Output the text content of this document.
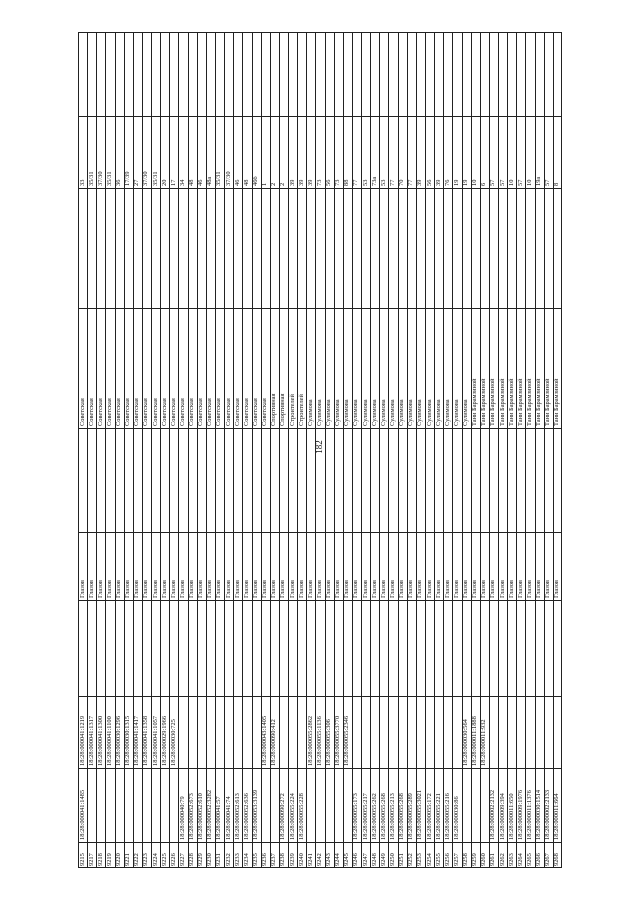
182
9215
18:28:000041:1485
18:28:000041:1219
Глазов
Советская
33
9217
18:28:000041:1317
Глазов
Советская
35/31
9218
18:28:000041:1300
Глазов
Советская
37/30
9219
18:28:000041:1100
Глазов
Советская
35/31
9220
18:28:000030:1296
Глазов
Советская
36
9221
18:28:000030:1315
Глазов
Советская
17/39
9222
18:28:000041:1417
Глазов
Советская
27
9223
18:28:000041:1358
Глазов
Советская
37/30
9224
18:28:000041:1057
Глазов
Советская
35/31
9225
18:28:000029:1966
Глазов
Советская
20
9226
18:28:000030:725
Глазов
Советская
17
9227
18:28:000040:79
Глазов
Советская
34
9228
18:28:000052:673
Глазов
Советская
48
9229
18:28:000052:610
Глазов
Советская
46
9230
18:28:000052:3282
Глазов
Советская
48а
9231
18:28:000041:57
Глазов
Советская
35/31
9232
18:28:000041:74
Глазов
Советская
37/30
9233
18:28:000052:613
Глазов
Советская
46
9234
18:28:000052:636
Глазов
Советская
48
9235
18:28:000053:3139
Глазов
Советская
46б
9236
18:28:000043:1405
Глазов
Советская
1
9237
18:28:000090:412
Глазов
Спортивная
2
9238
18:28:000090:272
Глазов
Спортивная
2
9239
18:28:000055:224
Глазов
Строителей
39
9240
18:28:000055:228
Глазов
Строителей
39
9241
18:28:000055:2862
Глазов
Сулимова
39
9242
18:28:000055:1136
Глазов
Сулимова
73
9243
18:28:000055:306
Глазов
Сулимова
56
9244
18:28:000055:3770
Глазов
Сулимова
73
9245
18:28:000055:2346
Глазов
Сулимова
88
9246
18:28:000055:173
Глазов
Сулимова
77
9247
18:28:000055:217
Глазов
Сулимова
53
9248
18:28:000055:262
Глазов
Сулимова
73а
9249
18:28:000055:268
Глазов
Сулимова
53
9250
18:28:000055:213
Глазов
Сулимова
77
9251
18:28:000055:268
Глазов
Сулимова
70
9252
18:28:000055:289
Глазов
Сулимова
77
9253
18:28:000055:3021
Глазов
Сулимова
39
9254
18:28:000055:172
Глазов
Сулимова
56
9255
18:28:000055:221
Глазов
Сулимова
39
9256
18:28:000055:216
Глазов
Сулимова
76
9257
18:28:000030:86
Глазов
Сулимова
19
9258
18:28:000030:564
Глазов
Сулимова
19
9259
18:28:000011:1888
Глазов
Тани Барамзиной
10
9260
18:28:000011:932
Глазов
Тани Барамзиной
6
9261
18:28:000002:2132
Глазов
Тани Барамзиной
57
9262
18:28:000009:394
Глазов
Тани Барамзиной
57
9263
18:28:000011:650
Глазов
Тани Барамзиной
10
9264
18:28:000009:1976
Глазов
Тани Барамзиной
57
9265
18:28:000011:1376
Глазов
Тани Барамзиной
10
9266
18:28:000030:1514
Глазов
Тани Барамзиной
19а
9267
18:28:000002:2133
Глазов
Тани Барамзиной
57
9268
18:28:000011:664
Глазов
Тани Барамзиной
8
